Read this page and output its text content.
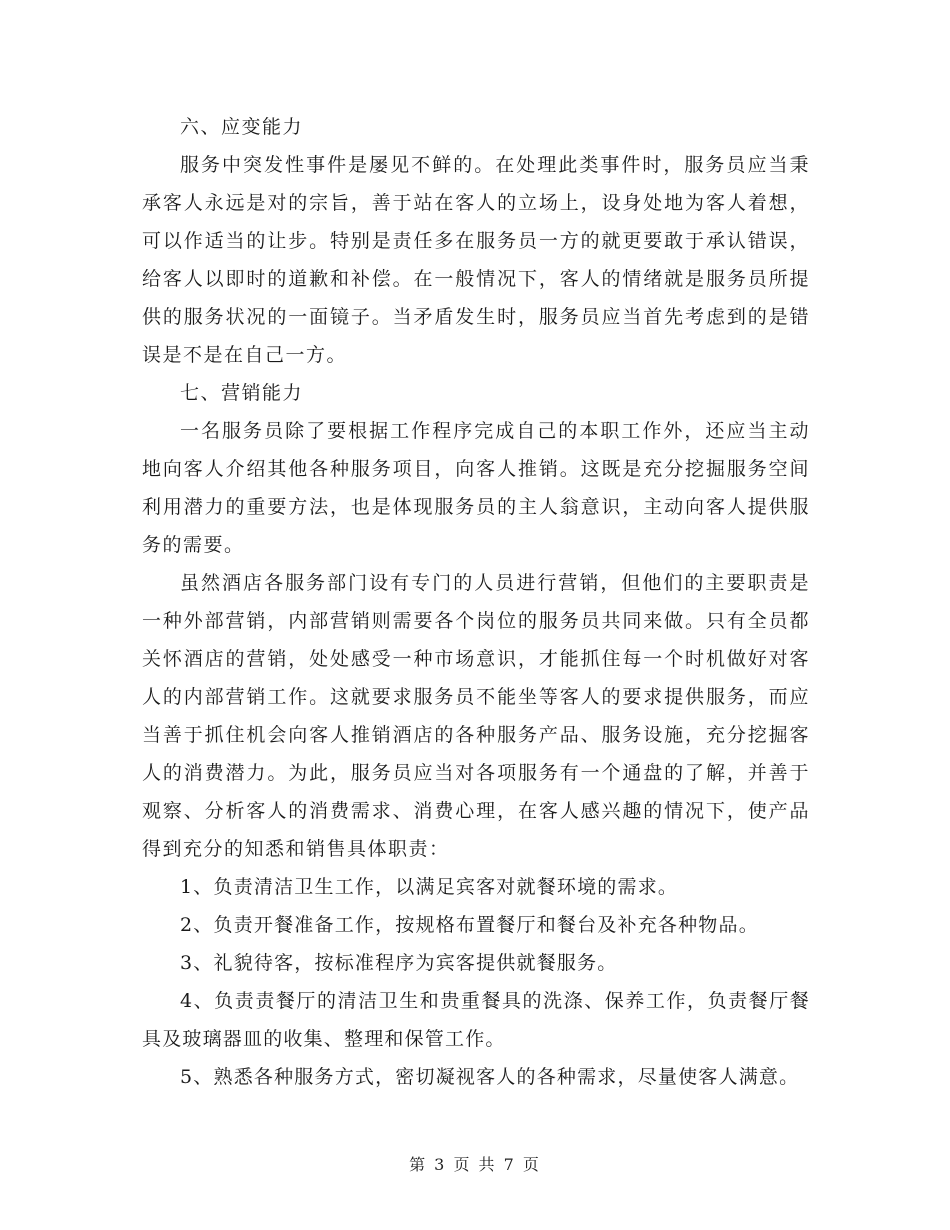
六、应变能力

服务中突发性事件是屡见不鲜的。在处理此类事件时，服务员应当秉承客人永远是对的宗旨，善于站在客人的立场上，设身处地为客人着想，可以作适当的让步。特别是责任多在服务员一方的就更要敢于承认错误，给客人以即时的道歉和补偿。在一般情况下，客人的情绪就是服务员所提供的服务状况的一面镜子。当矛盾发生时，服务员应当首先考虑到的是错误是不是在自己一方。

七、营销能力

一名服务员除了要根据工作程序完成自己的本职工作外，还应当主动地向客人介绍其他各种服务项目，向客人推销。这既是充分挖掘服务空间利用潜力的重要方法，也是体现服务员的主人翁意识，主动向客人提供服务的需要。

虽然酒店各服务部门设有专门的人员进行营销，但他们的主要职责是一种外部营销，内部营销则需要各个岗位的服务员共同来做。只有全员都关怀酒店的营销，处处感受一种市场意识，才能抓住每一个时机做好对客人的内部营销工作。这就要求服务员不能坐等客人的要求提供服务，而应当善于抓住机会向客人推销酒店的各种服务产品、服务设施，充分挖掘客人的消费潜力。为此，服务员应当对各项服务有一个通盘的了解，并善于观察、分析客人的消费需求、消费心理，在客人感兴趣的情况下，使产品得到充分的知悉和销售具体职责：

1、负责清洁卫生工作，以满足宾客对就餐环境的需求。

2、负责开餐准备工作，按规格布置餐厅和餐台及补充各种物品。

3、礼貌待客，按标准程序为宾客提供就餐服务。

4、负责责餐厅的清洁卫生和贵重餐具的洗涤、保养工作，负责餐厅餐具及玻璃器皿的收集、整理和保管工作。

5、熟悉各种服务方式，密切凝视客人的各种需求，尽量使客人满意。

第 3 页 共 7 页
